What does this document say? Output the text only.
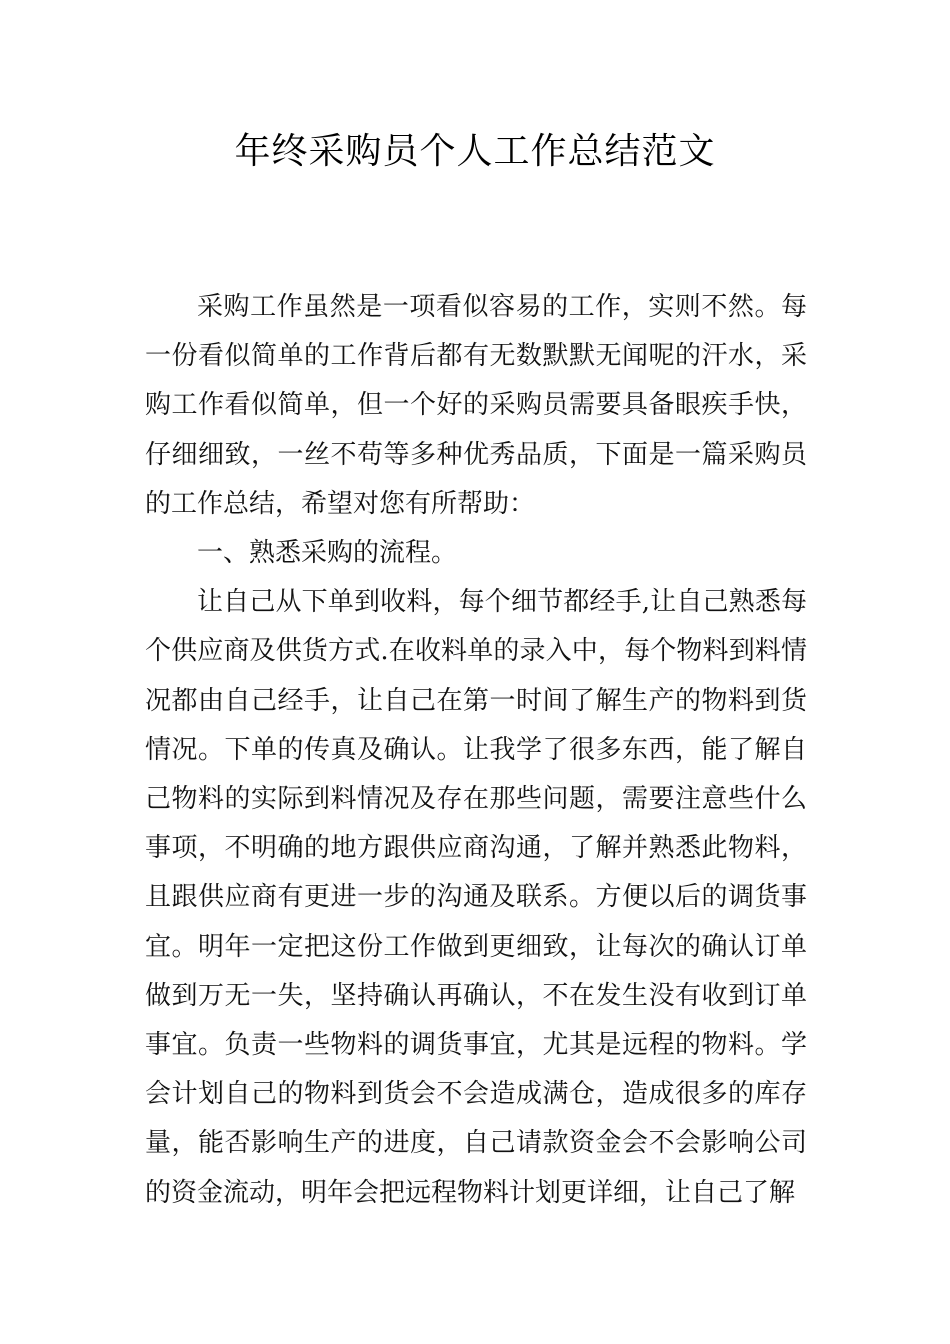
年终采购员个人工作总结范文

采购工作虽然是一项看似容易的工作，实则不然。每一份看似简单的工作背后都有无数默默无闻呢的汗水，采购工作看似简单，但一个好的采购员需要具备眼疾手快，仔细细致，一丝不苟等多种优秀品质，下面是一篇采购员的工作总结，希望对您有所帮助：

一、熟悉采购的流程。

让自己从下单到收料，每个细节都经手,让自己熟悉每个供应商及供货方式.在收料单的录入中，每个物料到料情况都由自己经手，让自己在第一时间了解生产的物料到货情况。下单的传真及确认。让我学了很多东西，能了解自己物料的实际到料情况及存在那些问题，需要注意些什么事项，不明确的地方跟供应商沟通，了解并熟悉此物料，且跟供应商有更进一步的沟通及联系。方便以后的调货事宜。明年一定把这份工作做到更细致，让每次的确认订单做到万无一失，坚持确认再确认，不在发生没有收到订单事宜。负责一些物料的调货事宜，尤其是远程的物料。学会计划自己的物料到货会不会造成满仓，造成很多的库存量，能否影响生产的进度，自己请款资金会不会影响公司的资金流动，明年会把远程物料计划更详细，让自己了解
